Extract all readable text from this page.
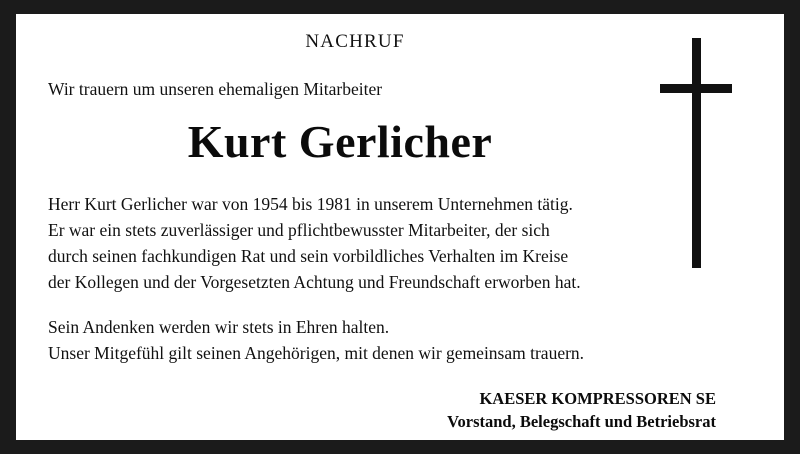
NACHRUF
Wir trauern um unseren ehemaligen Mitarbeiter
Kurt Gerlicher

Herr Kurt Gerlicher war von 1954 bis 1981 in unserem Unternehmen tätig.
Er war ein stets zuverlässiger und pflichtbewusster Mitarbeiter, der sich
durch seinen fachkundigen Rat und sein vorbildliches Verhalten im Kreise
der Kollegen und der Vorgesetzten Achtung und Freundschaft erworben hat.

Sein Andenken werden wir stets in Ehren halten.
Unser Mitgefühl gilt seinen Angehörigen, mit denen wir gemeinsam trauern.

KAESER KOMPRESSOREN SE
Vorstand, Belegschaft und Betriebsrat
